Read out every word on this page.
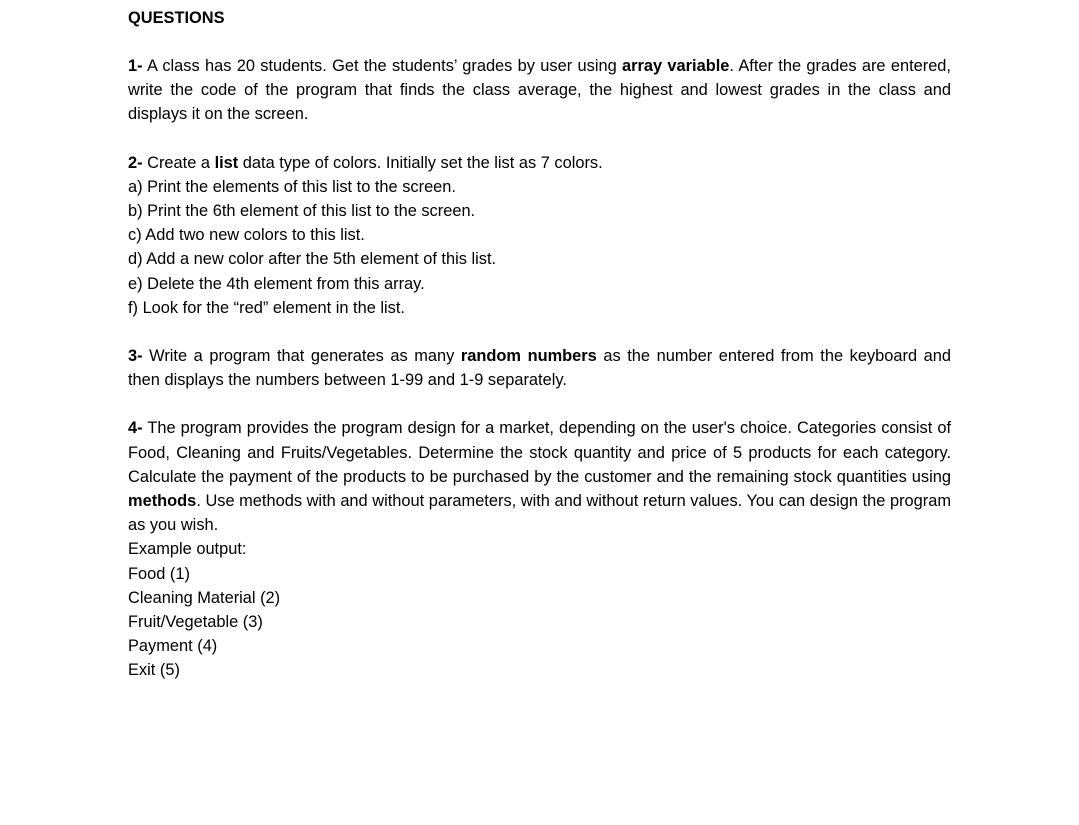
QUESTIONS

1- A class has 20 students. Get the students’ grades by user using array variable. After the grades are entered, write the code of the program that finds the class average, the highest and lowest grades in the class and displays it on the screen.

2- Create a list data type of colors. Initially set the list as 7 colors.

a) Print the elements of this list to the screen.
b) Print the 6th element of this list to the screen.
c) Add two new colors to this list.
d) Add a new color after the 5th element of this list.
e) Delete the 4th element from this array.
f) Look for the “red” element in the list.

3- Write a program that generates as many random numbers as the number entered from the keyboard and then displays the numbers between 1-99 and 1-9 separately.

4- The program provides the program design for a market, depending on the user's choice. Categories consist of Food, Cleaning and Fruits/Vegetables. Determine the stock quantity and price of 5 products for each category. Calculate the payment of the products to be purchased by the customer and the remaining stock quantities using methods. Use methods with and without parameters, with and without return values. You can design the program as you wish.

Example output:
Food (1)
Cleaning Material (2)
Fruit/Vegetable (3)
Payment (4)
Exit (5)
